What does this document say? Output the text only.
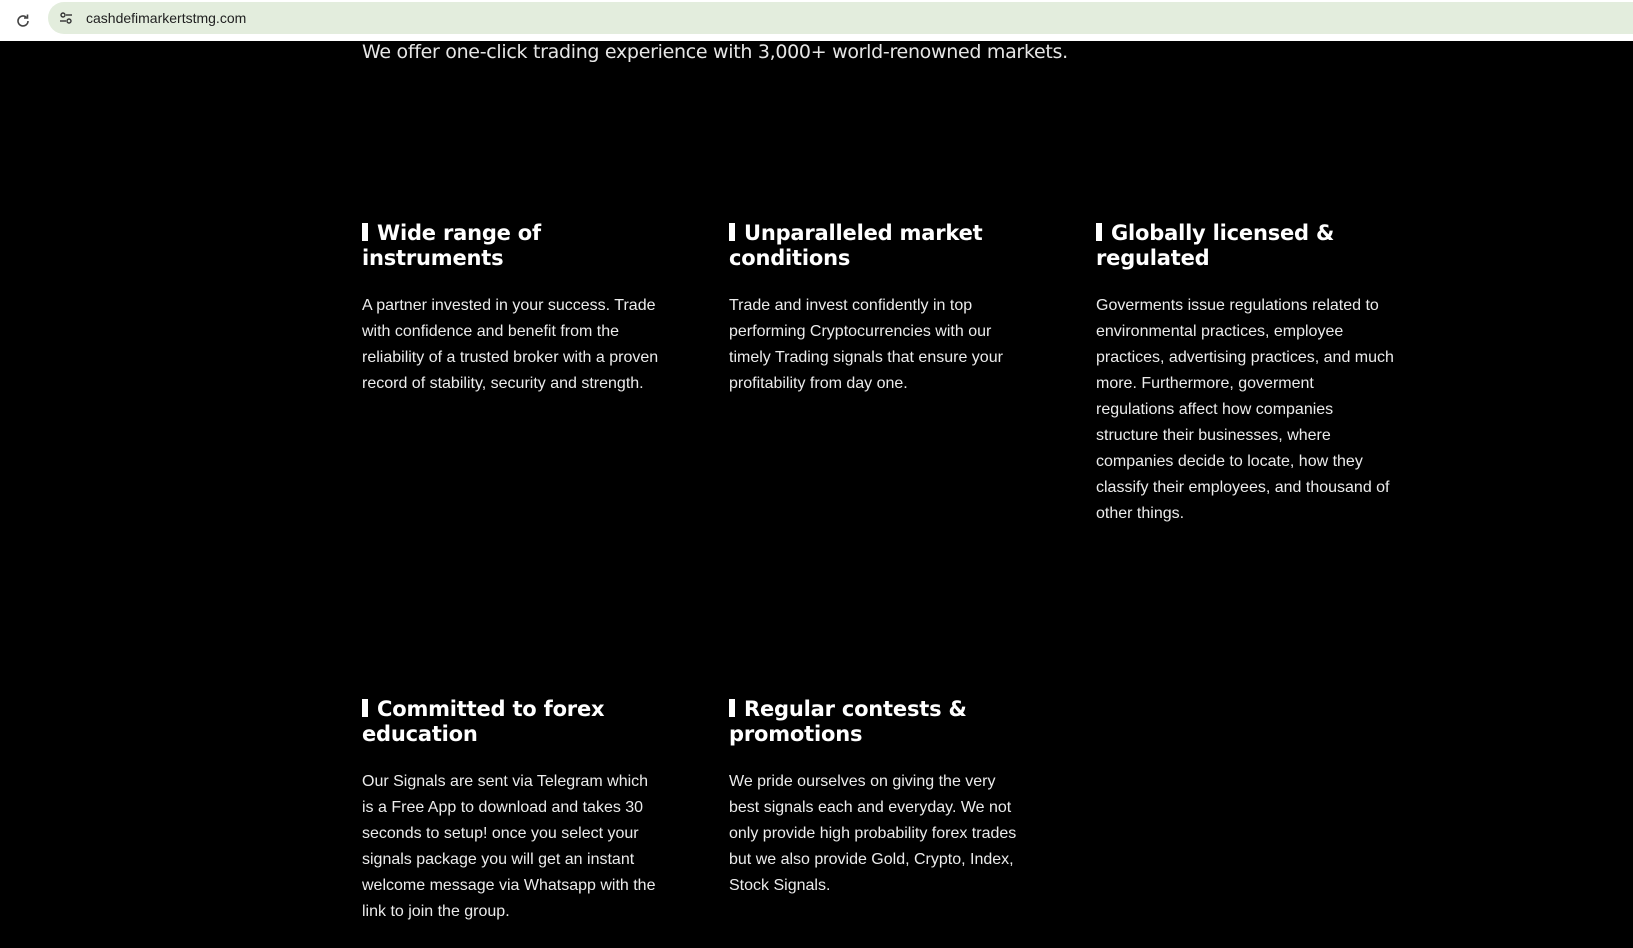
cashdefimarkertstmg.com
We offer one-click trading experience with 3,000+ world-renowned markets.
Wide range of instruments

A partner invested in your success. Trade with confidence and benefit from the reliability of a trusted broker with a proven record of stability, security and strength.

Unparalleled market conditions

Trade and invest confidently in top performing Cryptocurrencies with our timely Trading signals that ensure your profitability from day one.

Globally licensed & regulated

Goverments issue regulations related to environmental practices, employee practices, advertising practices, and much more. Furthermore, goverment regulations affect how companies structure their businesses, where companies decide to locate, how they classify their employees, and thousand of other things.

Committed to forex education

Our Signals are sent via Telegram which is a Free App to download and takes 30 seconds to setup! once you select your signals package you will get an instant welcome message via Whatsapp with the link to join the group.

Regular contests & promotions

We pride ourselves on giving the very best signals each and everyday. We not only provide high probability forex trades but we also provide Gold, Crypto, Index, Stock Signals.
